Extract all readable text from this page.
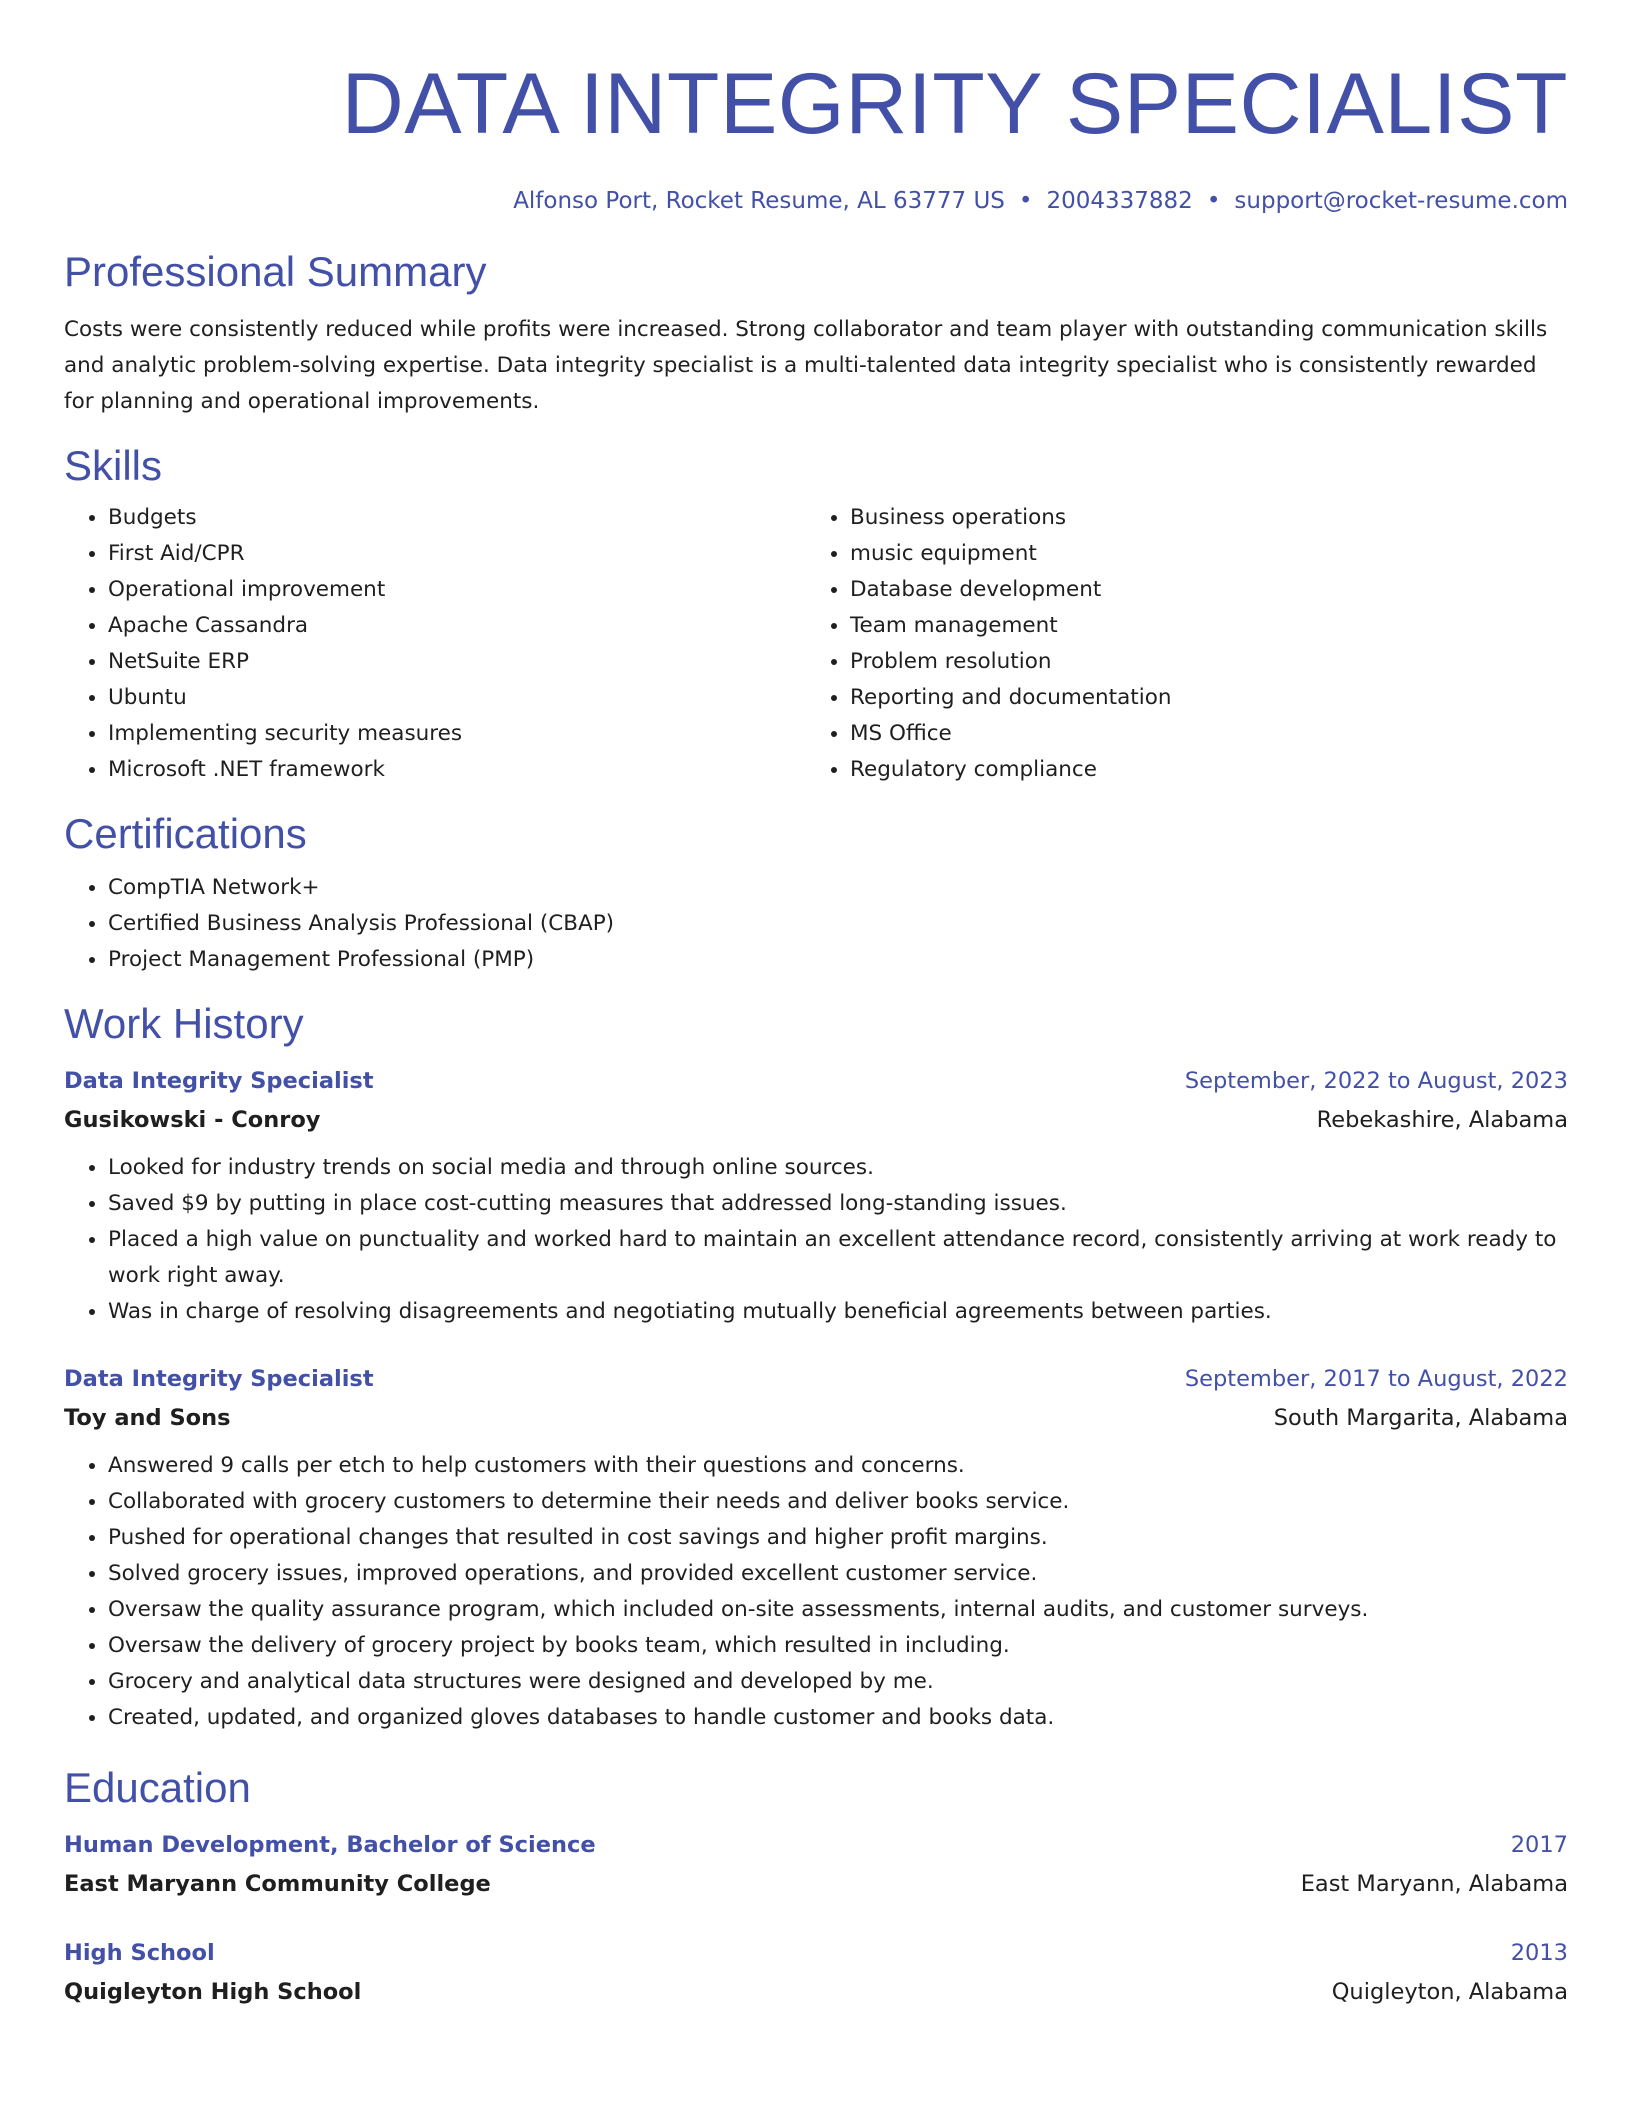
DATA INTEGRITY SPECIALIST
Alfonso Port, Rocket Resume, AL 63777 US • 2004337882 • support@rocket-resume.com
Professional Summary

Costs were consistently reduced while profits were increased. Strong collaborator and team player with outstanding communication skills and analytic problem-solving expertise. Data integrity specialist is a multi-talented data integrity specialist who is consistently rewarded for planning and operational improvements.

Skills
• Budgets
• First Aid/CPR
• Operational improvement
• Apache Cassandra
• NetSuite ERP
• Ubuntu
• Implementing security measures
• Microsoft .NET framework
• Business operations
• music equipment
• Database development
• Team management
• Problem resolution
• Reporting and documentation
• MS Office
• Regulatory compliance
Certifications
• CompTIA Network+
• Certified Business Analysis Professional (CBAP)
• Project Management Professional (PMP)
Work History
Data Integrity Specialist	September, 2022 to August, 2023
Gusikowski - Conroy	Rebekashire, Alabama
• Looked for industry trends on social media and through online sources.
• Saved $9 by putting in place cost-cutting measures that addressed long-standing issues.
• Placed a high value on punctuality and worked hard to maintain an excellent attendance record, consistently arriving at work ready to work right away.
• Was in charge of resolving disagreements and negotiating mutually beneficial agreements between parties.
Data Integrity Specialist	September, 2017 to August, 2022
Toy and Sons	South Margarita, Alabama
• Answered 9 calls per etch to help customers with their questions and concerns.
• Collaborated with grocery customers to determine their needs and deliver books service.
• Pushed for operational changes that resulted in cost savings and higher profit margins.
• Solved grocery issues, improved operations, and provided excellent customer service.
• Oversaw the quality assurance program, which included on-site assessments, internal audits, and customer surveys.
• Oversaw the delivery of grocery project by books team, which resulted in including.
• Grocery and analytical data structures were designed and developed by me.
• Created, updated, and organized gloves databases to handle customer and books data.
Education
Human Development, Bachelor of Science	2017
East Maryann Community College	East Maryann, Alabama
High School	2013
Quigleyton High School	Quigleyton, Alabama
